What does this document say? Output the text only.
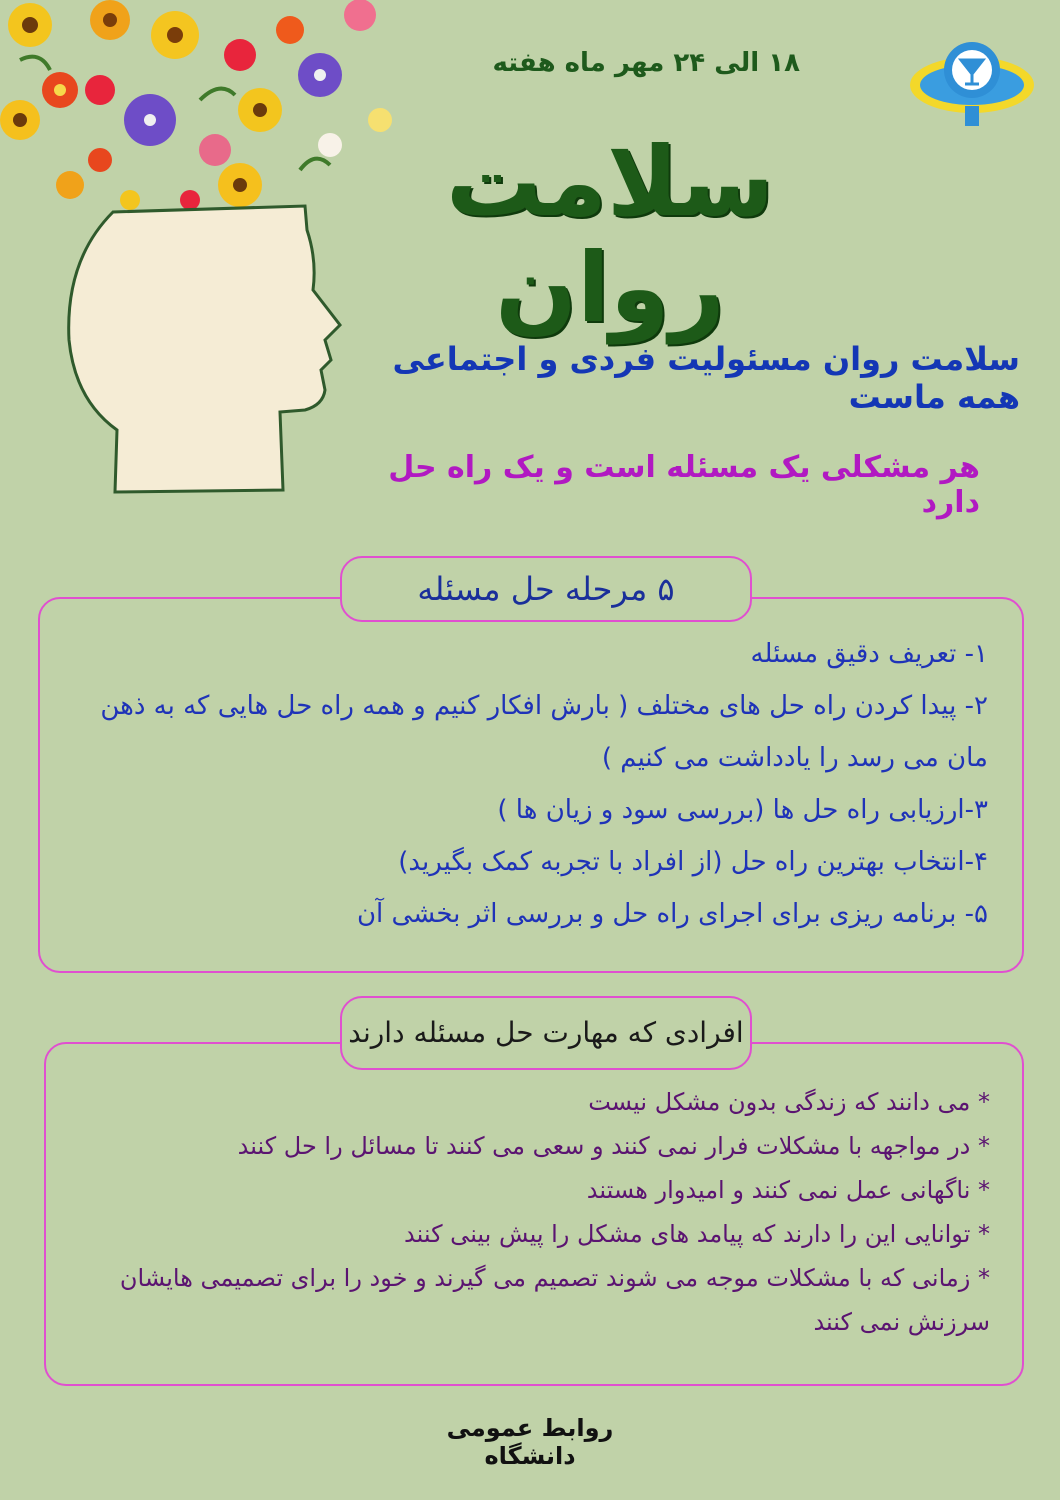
۱۸ الی ۲۴ مهر ماه هفته
سلامت روان
سلامت روان مسئولیت فردی و اجتماعی همه ماست
هر مشکلی یک مسئله است و یک راه حل دارد
۵ مرحله حل مسئله
۱- تعریف دقیق مسئله
۲- پیدا کردن راه حل های مختلف ( بارش افکار کنیم و همه راه حل هایی که به ذهن مان می رسد را یادداشت می کنیم )
۳-ارزیابی راه حل ها (بررسی سود و زیان ها )
۴-انتخاب بهترین راه حل (از افراد با تجربه کمک بگیرید)
۵- برنامه ریزی برای اجرای راه حل و بررسی اثر بخشی آن
افرادی که مهارت حل مسئله دارند
* می دانند که زندگی بدون مشکل نیست
* در مواجهه با مشکلات فرار نمی کنند و سعی می کنند تا مسائل را حل کنند
* ناگهانی عمل نمی کنند و امیدوار هستند
* توانایی این را دارند که پیامد های مشکل را پیش بینی کنند
* زمانی که با مشکلات موجه می شوند تصمیم می گیرند و خود را برای تصمیمی هایشان سرزنش نمی کنند
روابط عمومی دانشگاه
